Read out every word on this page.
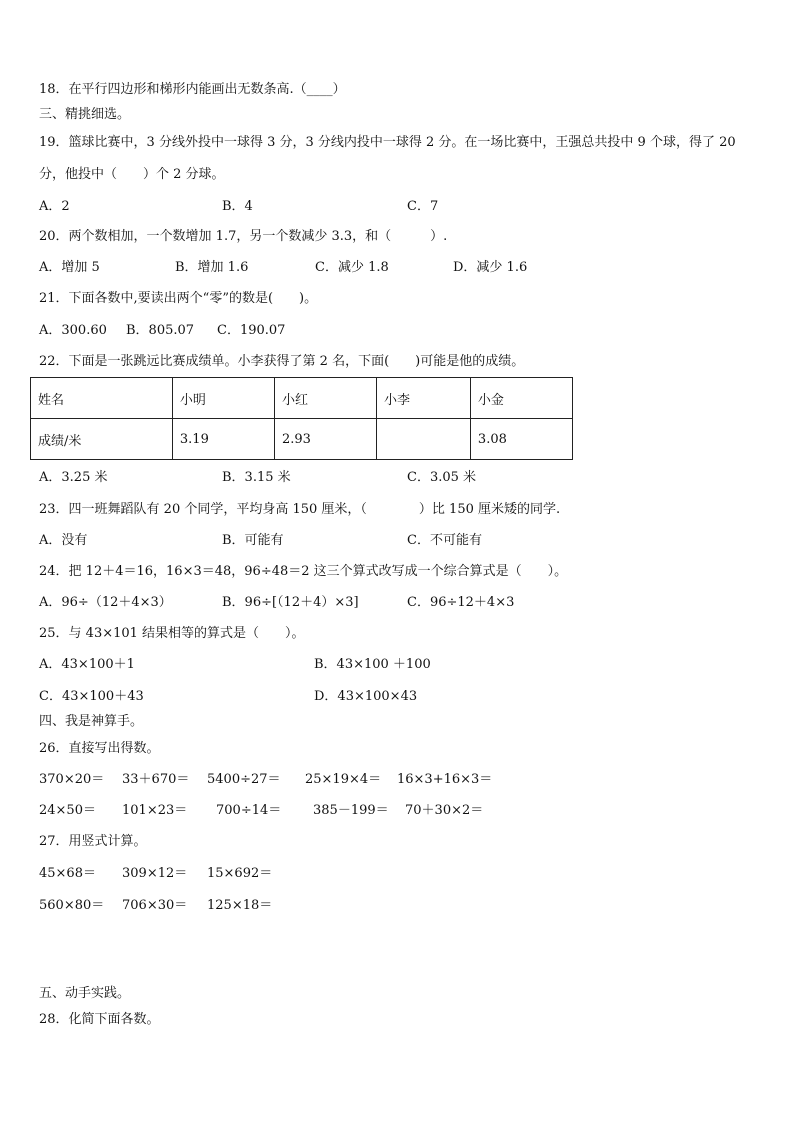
18．在平行四边形和梯形内能画出无数条高.（____）
三、精挑细选。
19．篮球比赛中，3 分线外投中一球得 3 分，3 分线内投中一球得 2 分。在一场比赛中，王强总共投中 9 个球，得了 20
分，他投中（　　）个 2 分球。
A．2	B．4	C．7
20．两个数相加，一个数增加 1.7，另一个数减少 3.3，和（　　　）.
A．增加 5	B．增加 1.6	C．减少 1.8	D．减少 1.6
21．下面各数中,要读出两个“零”的数是(　　)。
A．300.60 B．805.07 C．190.07
22．下面是一张跳远比赛成绩单。小李获得了第 2 名，下面(　　)可能是他的成绩。
姓名	小明	小红	小李	小金
成绩/米	3.19	2.93		3.08
A．3.25 米	B．3.15 米	C．3.05 米
23．四一班舞蹈队有 20 个同学，平均身高 150 厘米，（　　　　）比 150 厘米矮的同学.
A．没有	B．可能有	C．不可能有
24．把 12＋4＝16，16×3＝48，96÷48＝2 这三个算式改写成一个综合算式是（　　）。
A．96÷（12＋4×3）	B．96÷[（12＋4）×3]	C．96÷12＋4×3
25．与 43×101 结果相等的算式是（　　）。
A．43×100＋1	B．43×100 ＋100
C．43×100＋43	D．43×100×43
四、我是神算手。
26．直接写出得数。
370×20＝ 33＋670＝ 5400÷27＝ 25×19×4＝ 16×3+16×3＝
24×50＝ 101×23＝ 700÷14＝ 385－199＝ 70＋30×2＝
27．用竖式计算。
45×68＝ 309×12＝ 15×692＝
560×80＝ 706×30＝ 125×18＝
五、动手实践。
28．化简下面各数。
